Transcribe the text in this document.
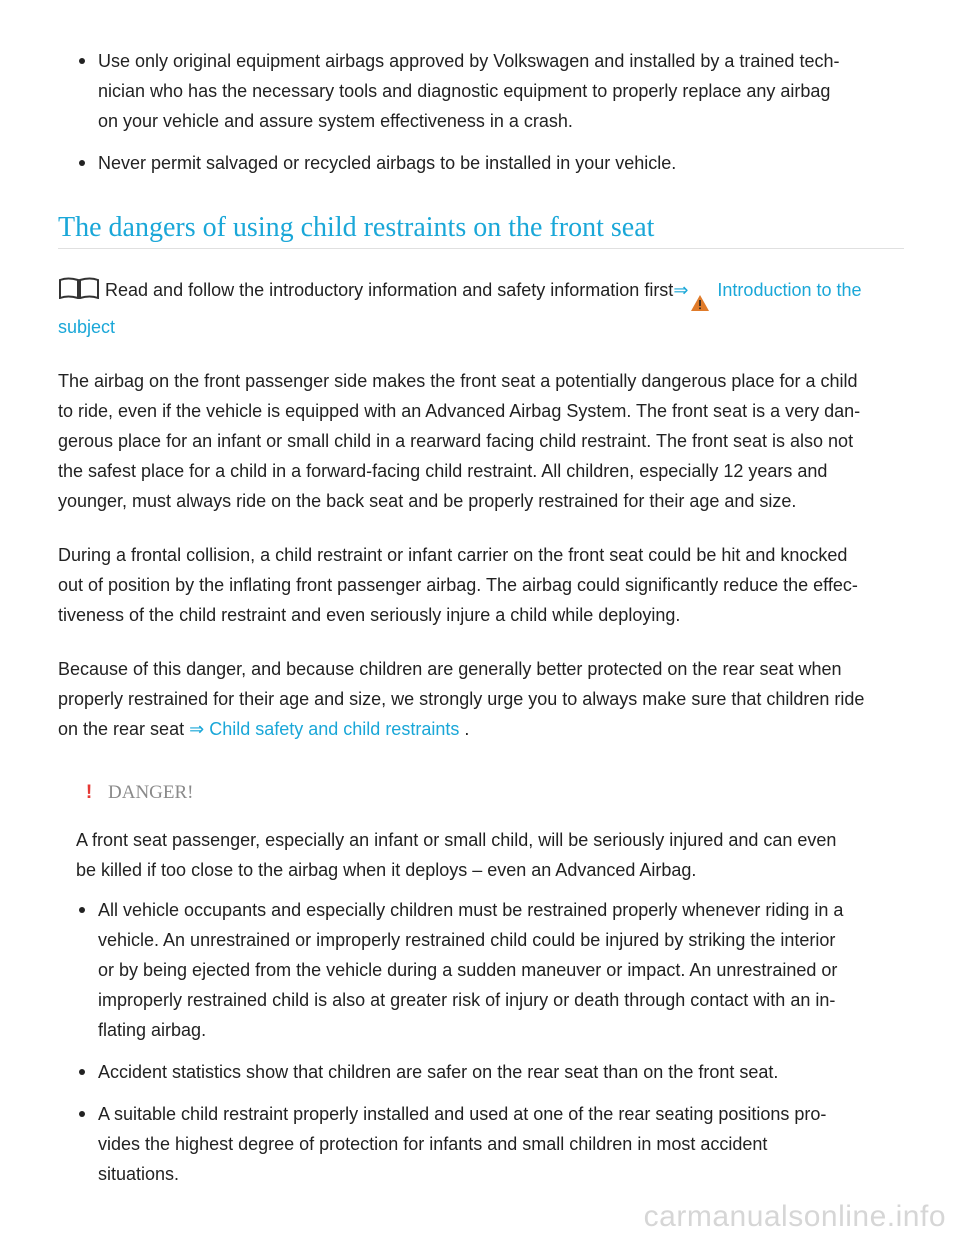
Use only original equipment airbags approved by Volkswagen and installed by a trained tech-
nician who has the necessary tools and diagnostic equipment to properly replace any airbag
on your vehicle and assure system effectiveness in a crash.
Never permit salvaged or recycled airbags to be installed in your vehicle.
The dangers of using child restraints on the front seat
Read and follow the introductory information and safety information first⇒ Introduction to the
subject
The airbag on the front passenger side makes the front seat a potentially dangerous place for a child
to ride, even if the vehicle is equipped with an Advanced Airbag System. The front seat is a very dan-
gerous place for an infant or small child in a rearward facing child restraint. The front seat is also not
the safest place for a child in a forward-facing child restraint. All children, especially 12 years and
younger, must always ride on the back seat and be properly restrained for their age and size.
During a frontal collision, a child restraint or infant carrier on the front seat could be hit and knocked
out of position by the inflating front passenger airbag. The airbag could significantly reduce the effec-
tiveness of the child restraint and even seriously injure a child while deploying.
Because of this danger, and because children are generally better protected on the rear seat when
properly restrained for their age and size, we strongly urge you to always make sure that children ride
on the rear seat ⇒ Child safety and child restraints .
! DANGER!
A front seat passenger, especially an infant or small child, will be seriously injured and can even
be killed if too close to the airbag when it deploys – even an Advanced Airbag.
All vehicle occupants and especially children must be restrained properly whenever riding in a
vehicle. An unrestrained or improperly restrained child could be injured by striking the interior
or by being ejected from the vehicle during a sudden maneuver or impact. An unrestrained or
improperly restrained child is also at greater risk of injury or death through contact with an in-
flating airbag.
Accident statistics show that children are safer on the rear seat than on the front seat.
A suitable child restraint properly installed and used at one of the rear seating positions pro-
vides the highest degree of protection for infants and small children in most accident
situations.
carmanualsonline.info
